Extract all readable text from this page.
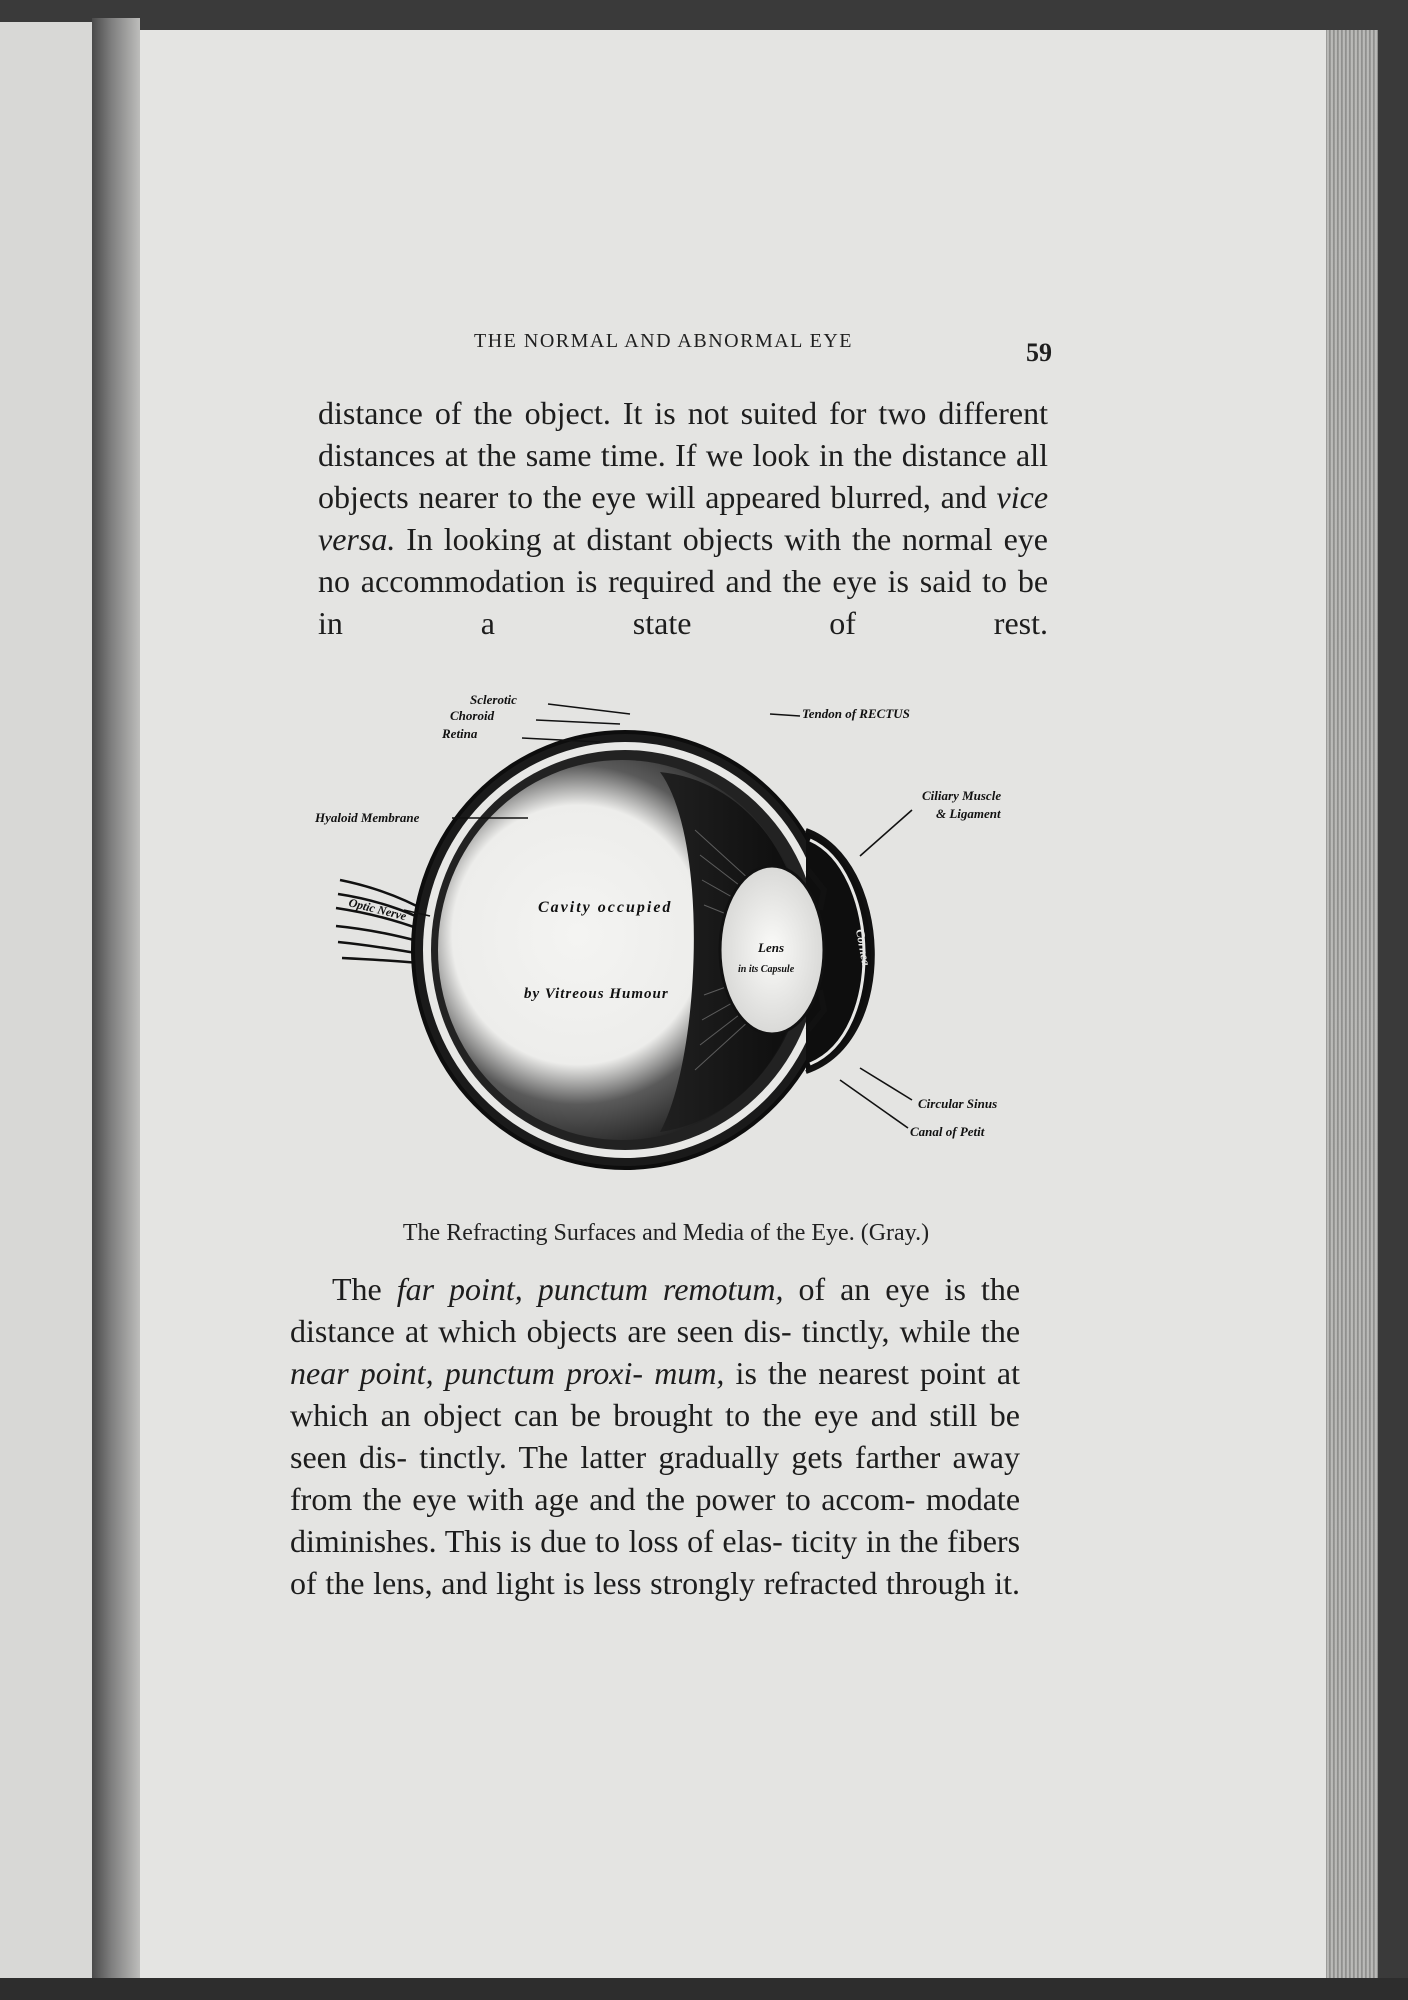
THE NORMAL AND ABNORMAL EYE	59

distance of the object. It is not suited for two different distances at the same time. If we look in the distance all objects nearer to the eye will appeared blurred, and vice versa. In looking at distant objects with the normal eye no accommodation is required and the eye is said to be in a state of rest.

Sclerotic
Choroid
Retina
Hyaloid Membrane
Optic Nerve
Tendon of RECTUS
Ciliary Muscle
& Ligament
Cavity occupied
by Vitreous Humour
Lens
in its Capsule
Cornea
Circular Sinus
Canal of Petit
The Refracting Surfaces and Media of the Eye. (Gray.)

The far point, punctum remotum, of an eye is the distance at which objects are seen dis- tinctly, while the near point, punctum proxi- mum, is the nearest point at which an object can be brought to the eye and still be seen dis- tinctly. The latter gradually gets farther away from the eye with age and the power to accom- modate diminishes. This is due to loss of elas- ticity in the fibers of the lens, and light is less strongly refracted through it.
